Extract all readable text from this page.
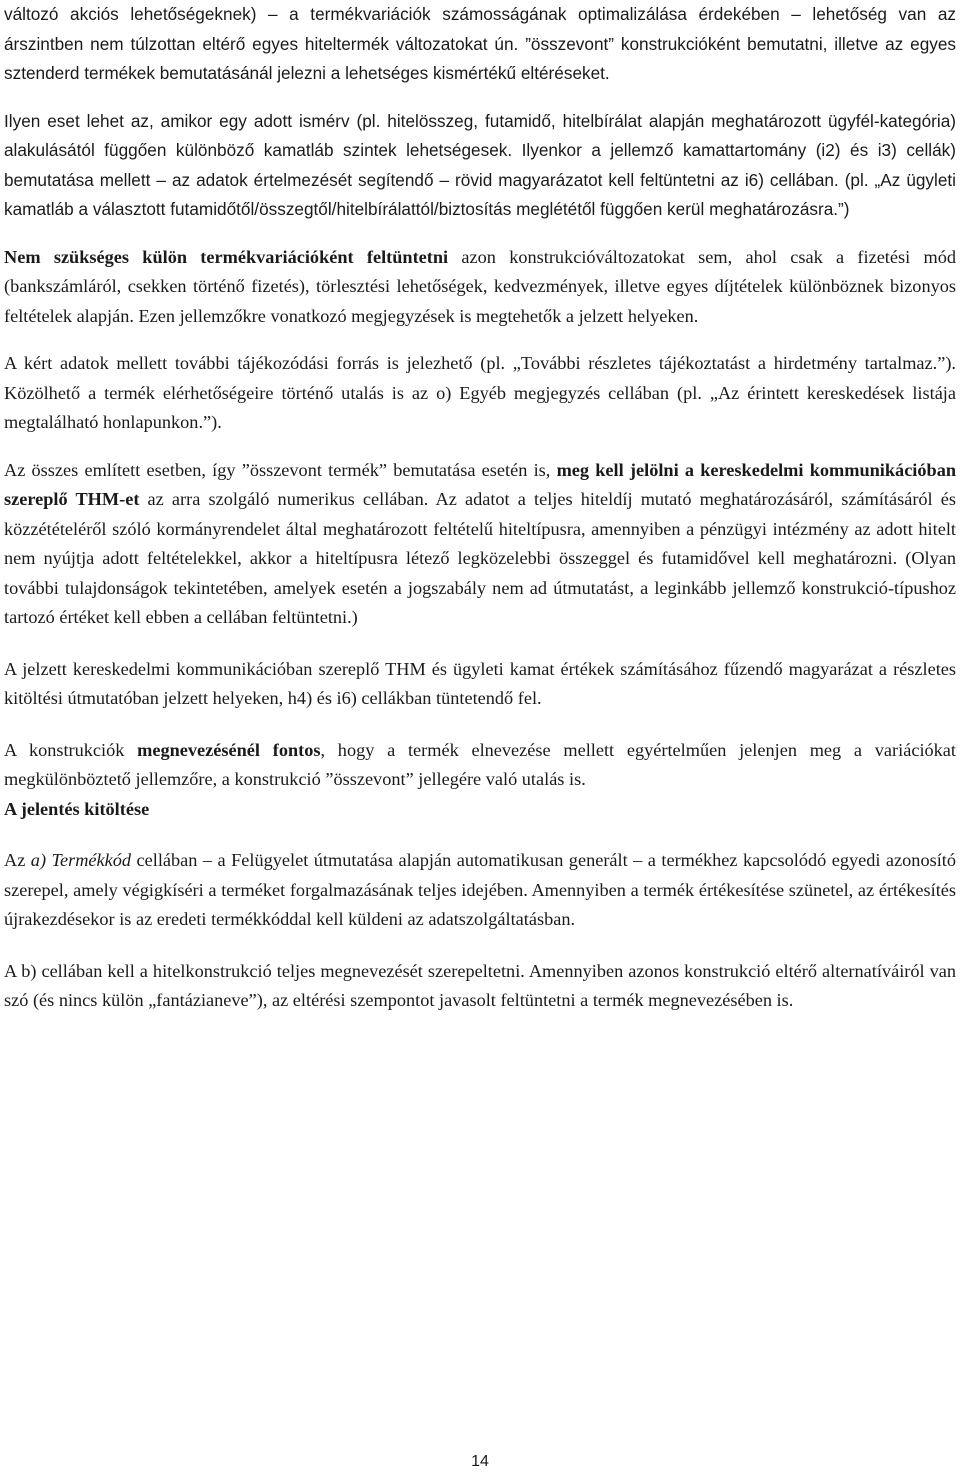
változó akciós lehetőségeknek) – a termékvariációk számosságának optimalizálása érdekében – lehetőség van az árszintben nem túlzottan eltérő egyes hiteltermék változatokat ún. ”összevont” konstrukcióként bemutatni, illetve az egyes sztenderd termékek bemutatásánál jelezni a lehetséges kismértékű eltéréseket.

Ilyen eset lehet az, amikor egy adott ismérv (pl. hitelösszeg, futamidő, hitelbírálat alapján meghatározott ügyfél-kategória) alakulásától függően különböző kamatláb szintek lehetségesek. Ilyenkor a jellemző kamattartomány (i2) és i3) cellák) bemutatása mellett – az adatok értelmezését segítendő – rövid magyarázatot kell feltüntetni az i6) cellában. (pl. „Az ügyleti kamatláb a választott futamidőtől/összegtől/hitelbírálattól/biztosítás meglététől függően kerül meghatározásra.”)

Nem szükséges külön termékvariációként feltüntetni azon konstrukcióváltozatokat sem, ahol csak a fizetési mód (bankszámláról, csekken történő fizetés), törlesztési lehetőségek, kedvezmények, illetve egyes díjtételek különböznek bizonyos feltételek alapján. Ezen jellemzőkre vonatkozó megjegyzések is megtehetők a jelzett helyeken.

A kért adatok mellett további tájékozódási forrás is jelezhető (pl. „További részletes tájékoztatást a hirdetmény tartalmaz.”). Közölhető a termék elérhetőségeire történő utalás is az o) Egyéb megjegyzés cellában (pl. „Az érintett kereskedések listája megtalálható honlapunkon.”).

Az összes említett esetben, így ”összevont termék” bemutatása esetén is, meg kell jelölni a kereskedelmi kommunikációban szereplő THM-et az arra szolgáló numerikus cellában. Az adatot a teljes hiteldíj mutató meghatározásáról, számításáról és közzétételéről szóló kormányrendelet által meghatározott feltételű hiteltípusra, amennyiben a pénzügyi intézmény az adott hitelt nem nyújtja adott feltételekkel, akkor a hiteltípusra létező legközelebbi összeggel és futamidővel kell meghatározni. (Olyan további tulajdonságok tekintetében, amelyek esetén a jogszabály nem ad útmutatást, a leginkább jellemző konstrukció-típushoz tartozó értéket kell ebben a cellában feltüntetni.)

A jelzett kereskedelmi kommunikációban szereplő THM és ügyleti kamat értékek számításához fűzendő magyarázat a részletes kitöltési útmutatóban jelzett helyeken, h4) és i6) cellákban tüntetendő fel.

A konstrukciók megnevezésénél fontos, hogy a termék elnevezése mellett egyértelműen jelenjen meg a variációkat megkülönböztető jellemzőre, a konstrukció ”összevont” jellegére való utalás is.

A jelentés kitöltése

Az a) Termékkód cellában – a Felügyelet útmutatása alapján automatikusan generált – a termékhez kapcsolódó egyedi azonosító szerepel, amely végigkíséri a terméket forgalmazásának teljes idejében. Amennyiben a termék értékesítése szünetel, az értékesítés újrakezdésekor is az eredeti termékkóddal kell küldeni az adatszolgáltatásban.

A b) cellában kell a hitelkonstrukció teljes megnevezését szerepeltetni. Amennyiben azonos konstrukció eltérő alternatíváiról van szó (és nincs külön „fantázianeve”), az eltérési szempontot javasolt feltüntetni a termék megnevezésében is.

14
